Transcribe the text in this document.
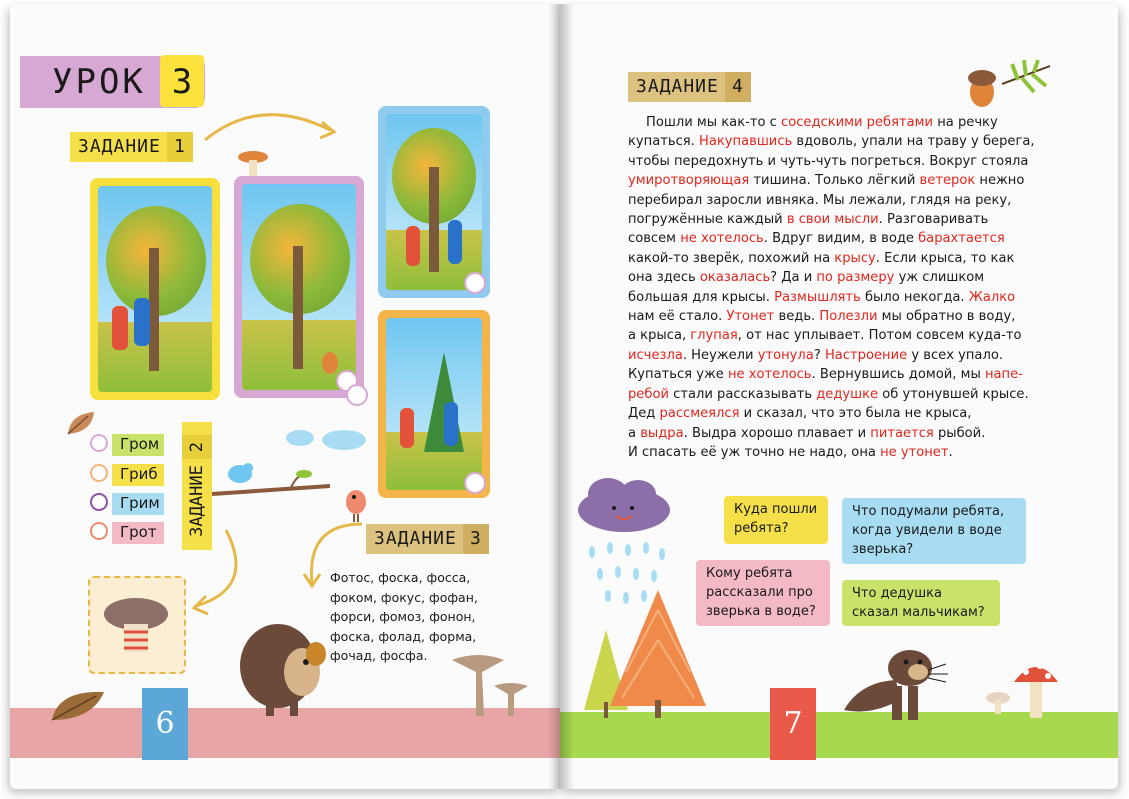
УРОК 3
ЗАДАНИЕ 1
Гром
Гриб
Грим
Грот ЗАДАНИЕ2
ЗАДАНИЕ 3
Фотос, фоска, фосса,
фоком, фокус, фофан,
форси, фомоз, фонон,
фоска, фолад, форма,
фочад, фосфа.
6
ЗАДАНИЕ 4
Пошли мы как-то с соседскими ребятами на речку
купаться. Накупавшись вдоволь, упали на траву у берега,
чтобы передохнуть и чуть-чуть погреться. Вокруг стояла
умиротворяющая тишина. Только лёгкий ветерок нежно
перебирал заросли ивняка. Мы лежали, глядя на реку,
погружённые каждый в свои мысли. Разговаривать
совсем не хотелось. Вдруг видим, в воде барахтается
какой-то зверёк, похожий на крысу. Если крыса, то как
она здесь оказалась? Да и по размеру уж слишком
большая для крысы. Размышлять было некогда. Жалко
нам её стало. Утонет ведь. Полезли мы обратно в воду,
а крыса, глупая, от нас уплывает. Потом совсем куда-то
исчезла. Неужели утонула? Настроение у всех упало.
Купаться уже не хотелось. Вернувшись домой, мы напе-
ребой стали рассказывать дедушке об утонувшей крысе.
Дед рассмеялся и сказал, что это была не крыса,
а выдра. Выдра хорошо плавает и питается рыбой.
И спасать её уж точно не надо, она не утонет.
Куда пошли ребята?
Что подумали ребята, когда увидели в воде зверька?
Кому ребята рассказали про зверька в воде?
Что дедушка сказал мальчикам?
7
